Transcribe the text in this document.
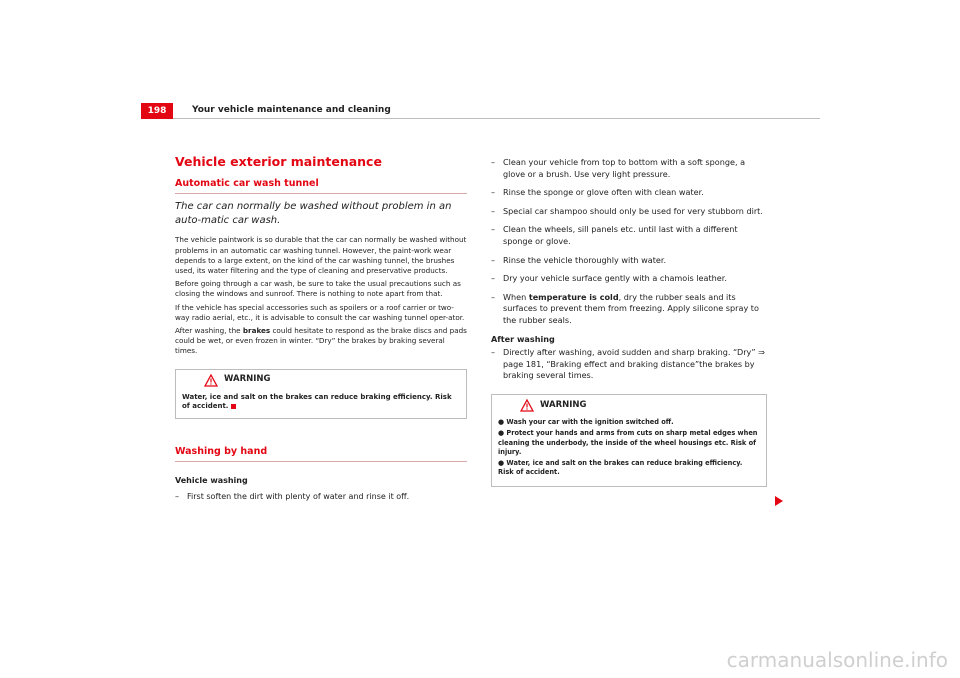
198	Your vehicle maintenance and cleaning
Vehicle exterior maintenance
Automatic car wash tunnel
The car can normally be washed without problem in an auto-matic car wash.

The vehicle paintwork is so durable that the car can normally be washed without problems in an automatic car washing tunnel. However, the paint-work wear depends to a large extent, on the kind of the car washing tunnel, the brushes used, its water filtering and the type of cleaning and preservative products.

Before going through a car wash, be sure to take the usual precautions such as closing the windows and sunroof. There is nothing to note apart from that.

If the vehicle has special accessories such as spoilers or a roof carrier or two-way radio aerial, etc., it is advisable to consult the car washing tunnel oper-ator.

After washing, the brakes could hesitate to respond as the brake discs and pads could be wet, or even frozen in winter. “Dry” the brakes by braking several times.

WARNING
Water, ice and salt on the brakes can reduce braking efficiency. Risk of accident.
Washing by hand
Vehicle washing
–	First soften the dirt with plenty of water and rinse it off.
– Clean your vehicle from top to bottom with a soft sponge, a glove or a brush. Use very light pressure.
– Rinse the sponge or glove often with clean water.
– Special car shampoo should only be used for very stubborn dirt.
– Clean the wheels, sill panels etc. until last with a different sponge or glove.
– Rinse the vehicle thoroughly with water.
– Dry your vehicle surface gently with a chamois leather.
– When temperature is cold, dry the rubber seals and its surfaces to prevent them from freezing. Apply silicone spray to the rubber seals.
After washing
– Directly after washing, avoid sudden and sharp braking. “Dry” ⇒ page 181, “Braking effect and braking distance”the brakes by braking several times.
WARNING
● Wash your car with the ignition switched off.
● Protect your hands and arms from cuts on sharp metal edges when cleaning the underbody, the inside of the wheel housings etc. Risk of injury.
● Water, ice and salt on the brakes can reduce braking efficiency. Risk of accident.
carmanualsonline.info
